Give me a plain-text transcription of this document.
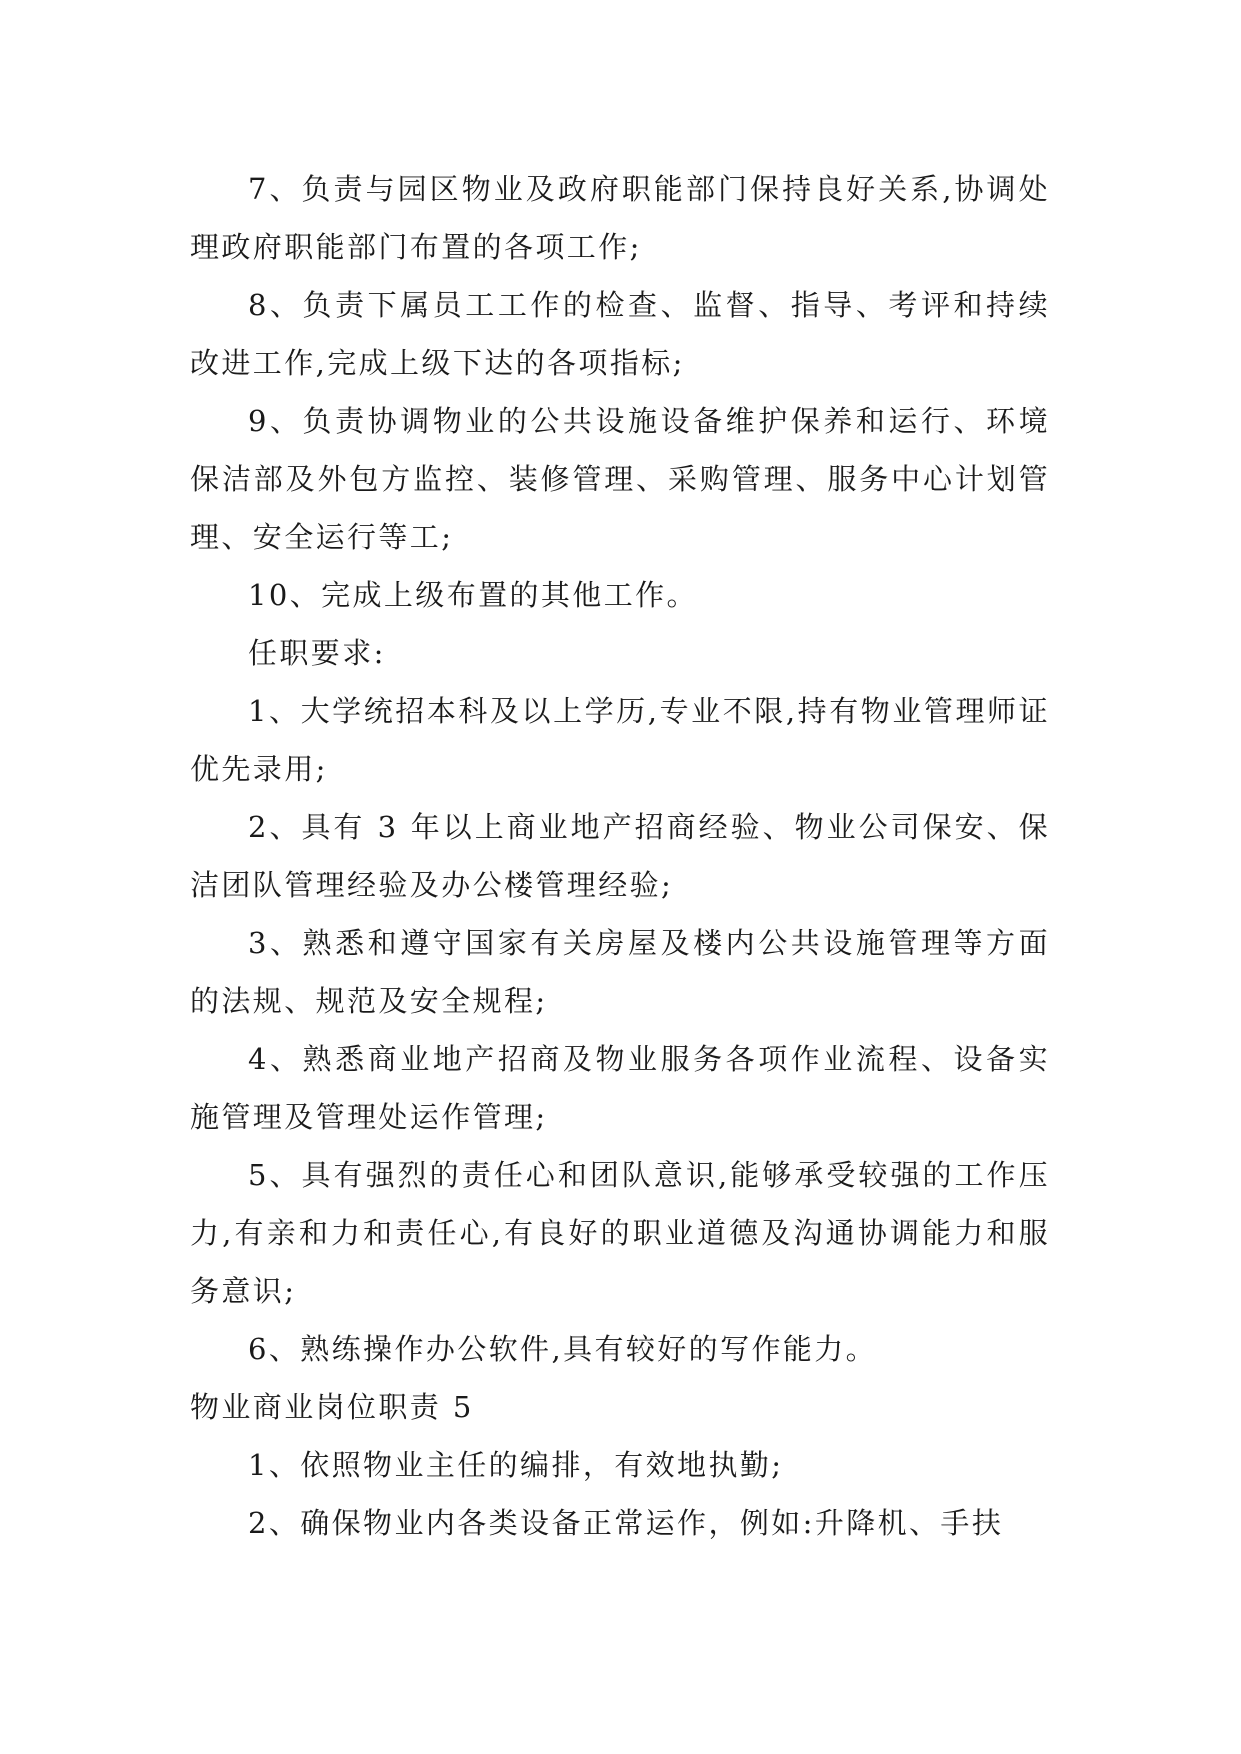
7、负责与园区物业及政府职能部门保持良好关系,协调处理政府职能部门布置的各项工作;

8、负责下属员工工作的检查、监督、指导、考评和持续改进工作,完成上级下达的各项指标;

9、负责协调物业的公共设施设备维护保养和运行、环境保洁部及外包方监控、装修管理、采购管理、服务中心计划管理、安全运行等工;

10、完成上级布置的其他工作。

任职要求:

1、大学统招本科及以上学历,专业不限,持有物业管理师证优先录用;

2、具有 3 年以上商业地产招商经验、物业公司保安、保洁团队管理经验及办公楼管理经验;

3、熟悉和遵守国家有关房屋及楼内公共设施管理等方面的法规、规范及安全规程;

4、熟悉商业地产招商及物业服务各项作业流程、设备实施管理及管理处运作管理;

5、具有强烈的责任心和团队意识,能够承受较强的工作压力,有亲和力和责任心,有良好的职业道德及沟通协调能力和服务意识;

6、熟练操作办公软件,具有较好的写作能力。

物业商业岗位职责 5

1、依照物业主任的编排，有效地执勤;

2、确保物业内各类设备正常运作，例如:升降机、手扶
